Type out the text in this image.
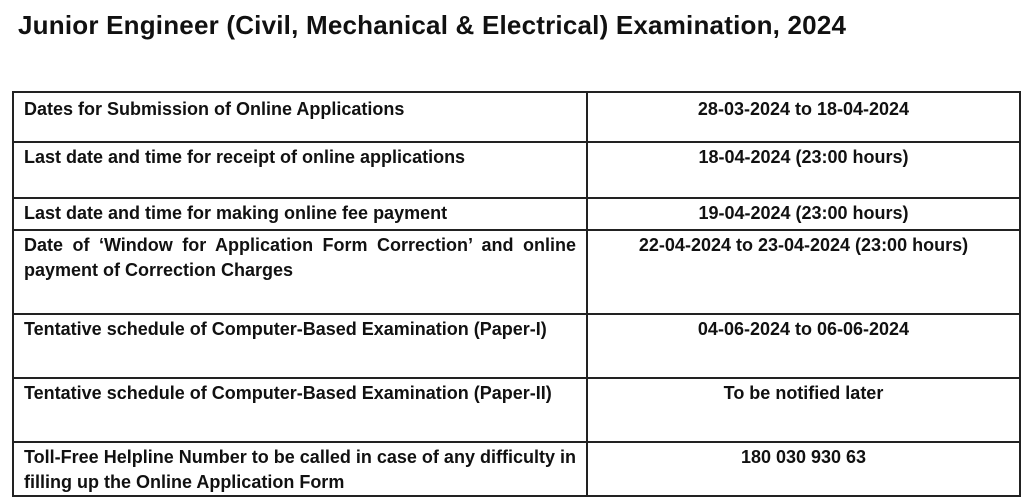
Junior Engineer (Civil, Mechanical & Electrical) Examination, 2024
Dates for Submission of Online Applications	28-03-2024 to 18-04-2024
Last date and time for receipt of online applications	18-04-2024 (23:00 hours)
Last date and time for making online fee payment	19-04-2024 (23:00 hours)
Date of ‘Window for Application Form Correction’ and online payment of Correction Charges	22-04-2024 to 23-04-2024 (23:00 hours)
Tentative schedule of Computer-Based Examination (Paper-I)	04-06-2024 to 06-06-2024
Tentative schedule of Computer-Based Examination (Paper-II)	To be notified later
Toll-Free Helpline Number to be called in case of any difficulty in filling up the Online Application Form	180 030 930 63
